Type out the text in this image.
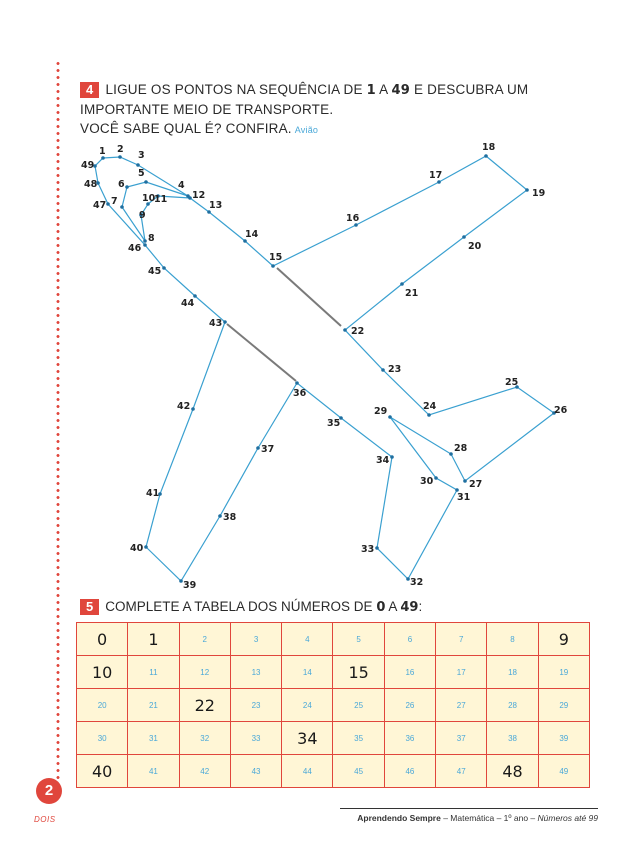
4 LIGUE OS PONTOS NA SEQUÊNCIA DE 1 A 49 E DESCUBRA UM
IMPORTANTE MEIO DE TRANSPORTE.
VOCÊ SABE QUAL É? CONFIRA. Avião
1 2
3
4
5
6
7
8
9
10
11	12
13
14
15
16
17
18
19
20
21
22
23
24
25
26
27
28
29
30
31
32
33
34
35
36
37
38
39
40
41
42
43
44
45
46
47
48
49
5 COMPLETE A TABELA DOS NÚMEROS DE 0 A 49:
0	1	2	3	4	5	6	7	8	9
10	11	12	13	14	15	16	17	18	19
20	21	22	23	24	25	26	27	28	29
30	31	32	33	34	35	36	37	38	39
40	41	42	43	44	45	46	47	48	49
2
DOIS	Aprendendo Sempre – Matemática – 1º ano – Números até 99
